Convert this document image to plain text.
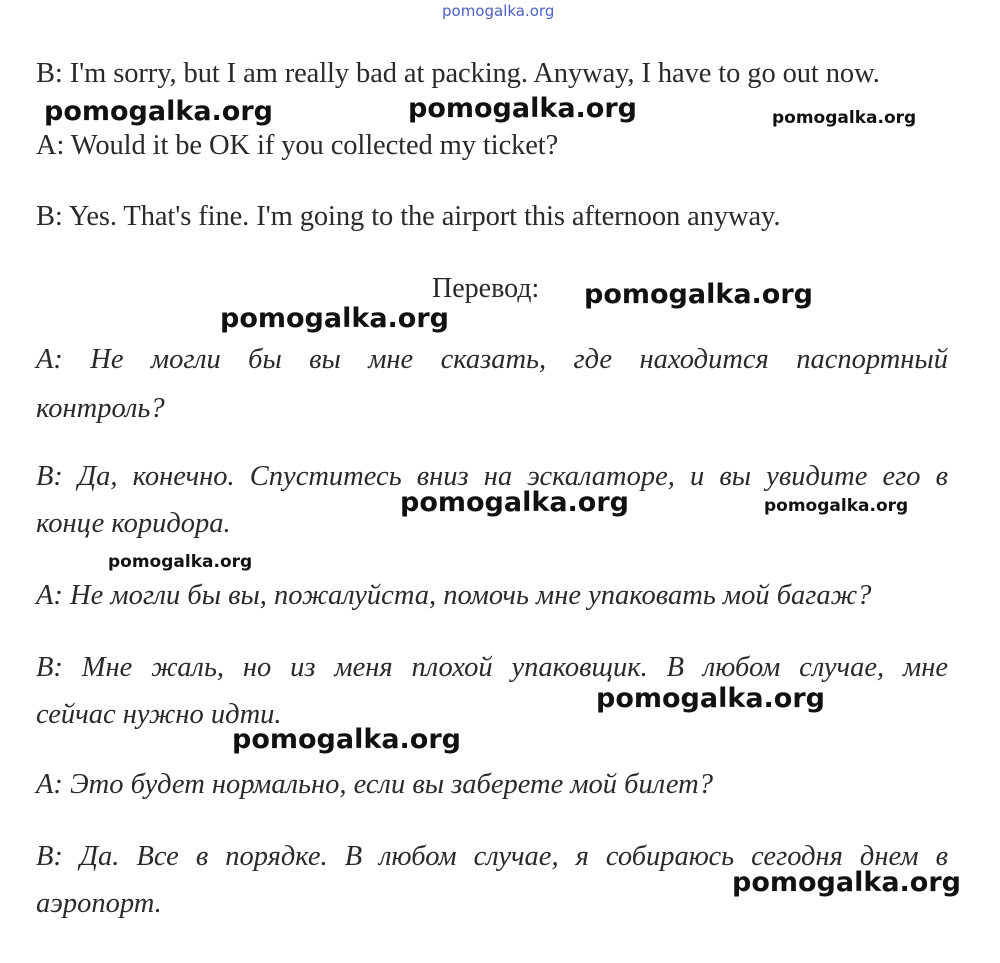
pomogalka.org
B: I'm sorry, but I am really bad at packing. Anyway, I have to go out now.
A: Would it be OK if you collected my ticket?
B: Yes. That's fine. I'm going to the airport this afternoon anyway.
Перевод:
A: Не могли бы вы мне сказать, где находится паспортный
контроль?
B: Да, конечно. Спуститесь вниз на эскалаторе, и вы увидите его в
конце коридора.
A: Не могли бы вы, пожалуйста, помочь мне упаковать мой багаж?
B: Мне жаль, но из меня плохой упаковщик. В любом случае, мне
сейчас нужно идти.
A: Это будет нормально, если вы заберете мой билет?
B: Да. Все в порядке. В любом случае, я собираюсь сегодня днем в
аэропорт.
pomogalka.org	pomogalka.org	pomogalka.org
pomogalka.org
pomogalka.org
pomogalka.org	pomogalka.org
pomogalka.org
pomogalka.org
pomogalka.org
pomogalka.org
